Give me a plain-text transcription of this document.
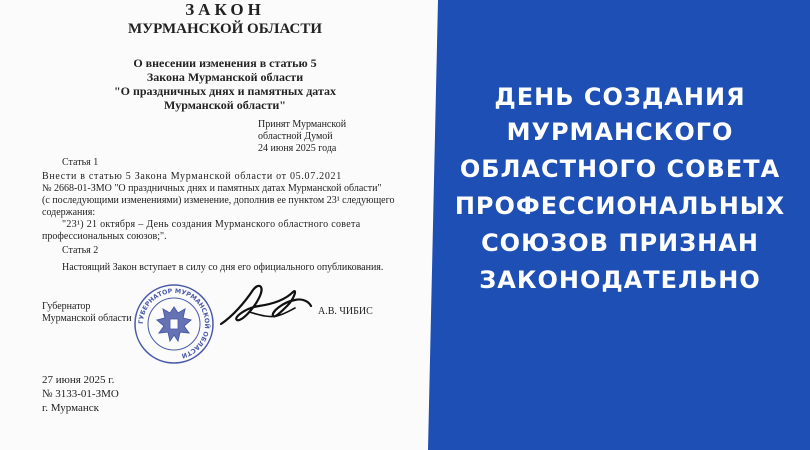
ЗАКОН
МУРМАНСКОЙ ОБЛАСТИ
О внесении изменения в статью 5
Закона Мурманской области
"О праздничных днях и памятных датах
Мурманской области"
Принят Мурманской
областной Думой
24 июня 2025 года
Статья 1
Внести в статью 5 Закона Мурманской области от 05.07.2021
№ 2668-01-ЗМО "О праздничных днях и памятных датах Мурманской области"
(с последующими изменениями) изменение, дополнив ее пунктом 23¹ следующего
содержания:
"23¹) 21 октября – День создания Мурманского областного совета
профессиональных союзов;".
Статья 2
Настоящий Закон вступает в силу со дня его официального опубликования.
Губернатор
Мурманской области
А.В. ЧИБИС
ГУБЕРНАТОР МУРМАНСКОЙ ОБЛАСТИ
27 июня 2025 г.
№ 3133-01-ЗМО
г. Мурманск
ДЕНЬ СОЗДАНИЯ
МУРМАНСКОГО
ОБЛАСТНОГО СОВЕТА
ПРОФЕССИОНАЛЬНЫХ
СОЮЗОВ ПРИЗНАН
ЗАКОНОДАТЕЛЬНО
